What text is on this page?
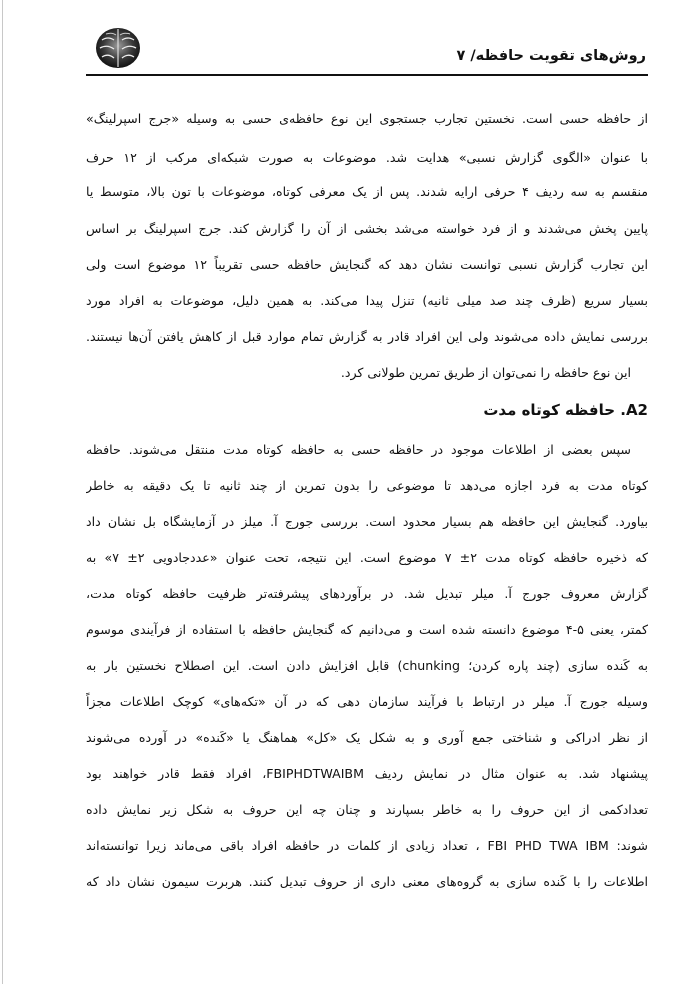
روش‌های تقویت حافظه/ ۷
از حافظه حسی است. نخستین تجارب جستجوی این نوع حافظه‌ی حسی به وسیله «جرج اسپرلینگ»
با عنوان «الگوی گزارش نسبی» هدایت شد. موضوعات به صورت شبکه‌ای مرکب از ۱۲ حرف
منقسم به سه ردیف ۴ حرفی ارایه شدند. پس از یک معرفی کوتاه، موضوعات با تون بالا، متوسط یا
پایین پخش می‌شدند و از فرد خواسته می‌شد بخشی از آن را گزارش کند. جرج اسپرلینگ بر اساس
این تجارب گزارش نسبی توانست نشان دهد که گنجایش حافظه حسی تقریباً ۱۲ موضوع است ولی
بسیار سریع (ظرف چند صد میلی ثانیه) تنزل پیدا می‌کند. به همین دلیل، موضوعات به افراد مورد
بررسی نمایش داده می‌شوند ولی این افراد قادر به گزارش تمام موارد قبل از کاهش یافتن آن‌ها نیستند.
این نوع حافظه را نمی‌توان از طریق تمرین طولانی کرد.
A2. حافظه کوتاه مدت
سپس بعضی از اطلاعات موجود در حافظه حسی به حافظه کوتاه مدت منتقل می‌شوند. حافظه
کوتاه مدت به فرد اجازه می‌دهد تا موضوعی را بدون تمرین از چند ثانیه تا یک دقیقه به خاطر
بیاورد. گنجایش این حافظه هم بسیار محدود است. بررسی جورج آ. میلز در آزمایشگاه بل نشان داد
که ذخیره حافظه کوتاه مدت ۲± ۷ موضوع است. این نتیجه، تحت عنوان «عددجادویی ۲± ۷» به
گزارش معروف جورج آ. میلر تبدیل شد. در برآوردهای پیشرفته‌تر ظرفیت حافظه کوتاه مدت،
کمتر، یعنی ۵-۴ موضوع دانسته شده است و می‌دانیم که گنجایش حافظه با استفاده از فرآیندی موسوم
به کَنده سازی (چند پاره کردن؛ chunking) قابل افزایش دادن است. این اصطلاح نخستین بار به
وسیله جورج آ. میلر در ارتباط با فرآیند سازمان دهی که در آن «تکه‌های» کوچک اطلاعات مجزاً
از نظر ادراکی و شناختی جمع آوری و به شکل یک «کل» هماهنگ یا «کَنده» در آورده می‌شوند
پیشنهاد شد. به عنوان مثال در نمایش ردیف FBIPHDTWAIBM، افراد فقط قادر خواهند بود
تعدادکمی از این حروف را به خاطر بسپارند و چنان چه این حروف به شکل زیر نمایش داده
شوند: FBI PHD TWA IBM ، تعداد زیادی از کلمات در حافظه افراد باقی می‌ماند زیرا توانسته‌اند
اطلاعات را با کَنده سازی به گروه‌های معنی داری از حروف تبدیل کنند. هربرت سیمون نشان داد که
